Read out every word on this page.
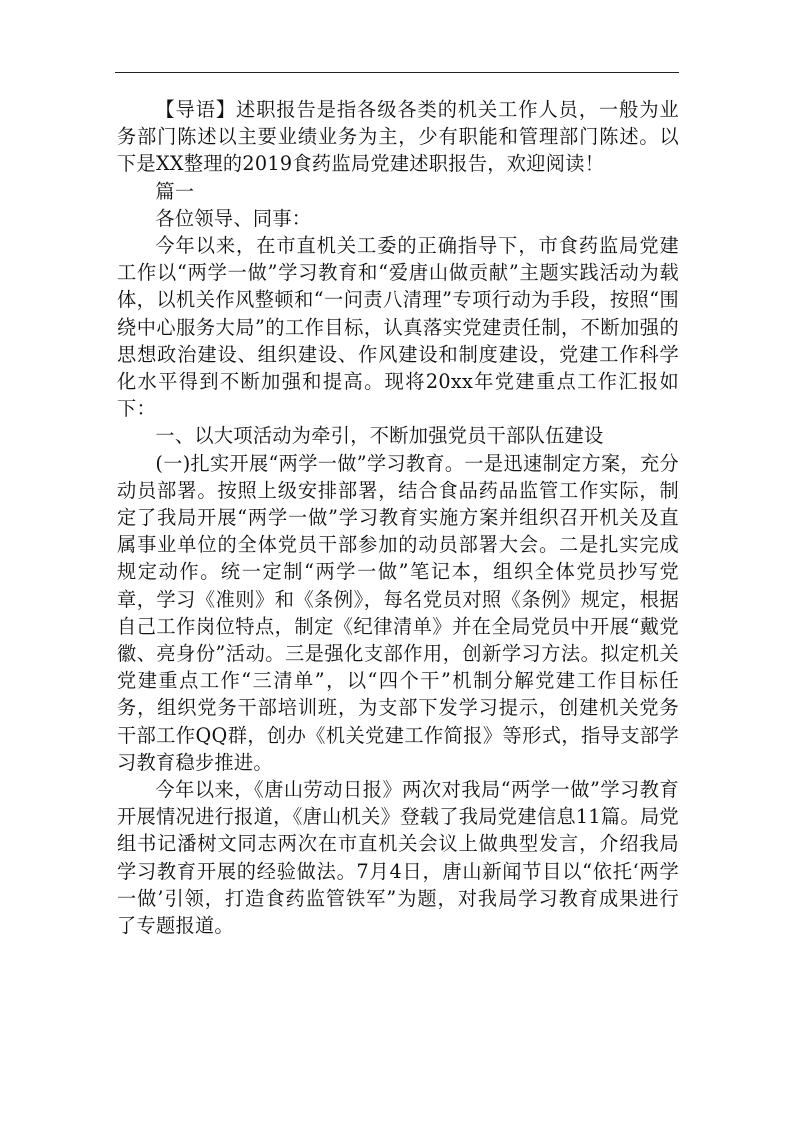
【导语】述职报告是指各级各类的机关工作人员，一般为业务部门陈述以主要业绩业务为主，少有职能和管理部门陈述。以下是XX整理的2019食药监局党建述职报告，欢迎阅读！

篇一

各位领导、同事：

今年以来，在市直机关工委的正确指导下，市食药监局党建工作以“两学一做”学习教育和“爱唐山做贡献”主题实践活动为载体，以机关作风整顿和“一问责八清理”专项行动为手段，按照“围绕中心服务大局”的工作目标，认真落实党建责任制，不断加强的思想政治建设、组织建设、作风建设和制度建设，党建工作科学化水平得到不断加强和提高。现将20xx年党建重点工作汇报如下：

一、以大项活动为牵引，不断加强党员干部队伍建设

(一)扎实开展“两学一做”学习教育。一是迅速制定方案，充分动员部署。按照上级安排部署，结合食品药品监管工作实际，制定了我局开展“两学一做”学习教育实施方案并组织召开机关及直属事业单位的全体党员干部参加的动员部署大会。二是扎实完成规定动作。统一定制“两学一做”笔记本，组织全体党员抄写党章，学习《准则》和《条例》，每名党员对照《条例》规定，根据自己工作岗位特点，制定《纪律清单》并在全局党员中开展“戴党徽、亮身份”活动。三是强化支部作用，创新学习方法。拟定机关党建重点工作“三清单”，以“四个干”机制分解党建工作目标任务，组织党务干部培训班，为支部下发学习提示，创建机关党务干部工作QQ群，创办《机关党建工作简报》等形式，指导支部学习教育稳步推进。

今年以来，《唐山劳动日报》两次对我局“两学一做”学习教育开展情况进行报道，《唐山机关》登载了我局党建信息11篇。局党组书记潘树文同志两次在市直机关会议上做典型发言，介绍我局学习教育开展的经验做法。7月4日，唐山新闻节目以“依托‘两学一做’引领，打造食药监管铁军”为题，对我局学习教育成果进行了专题报道。
